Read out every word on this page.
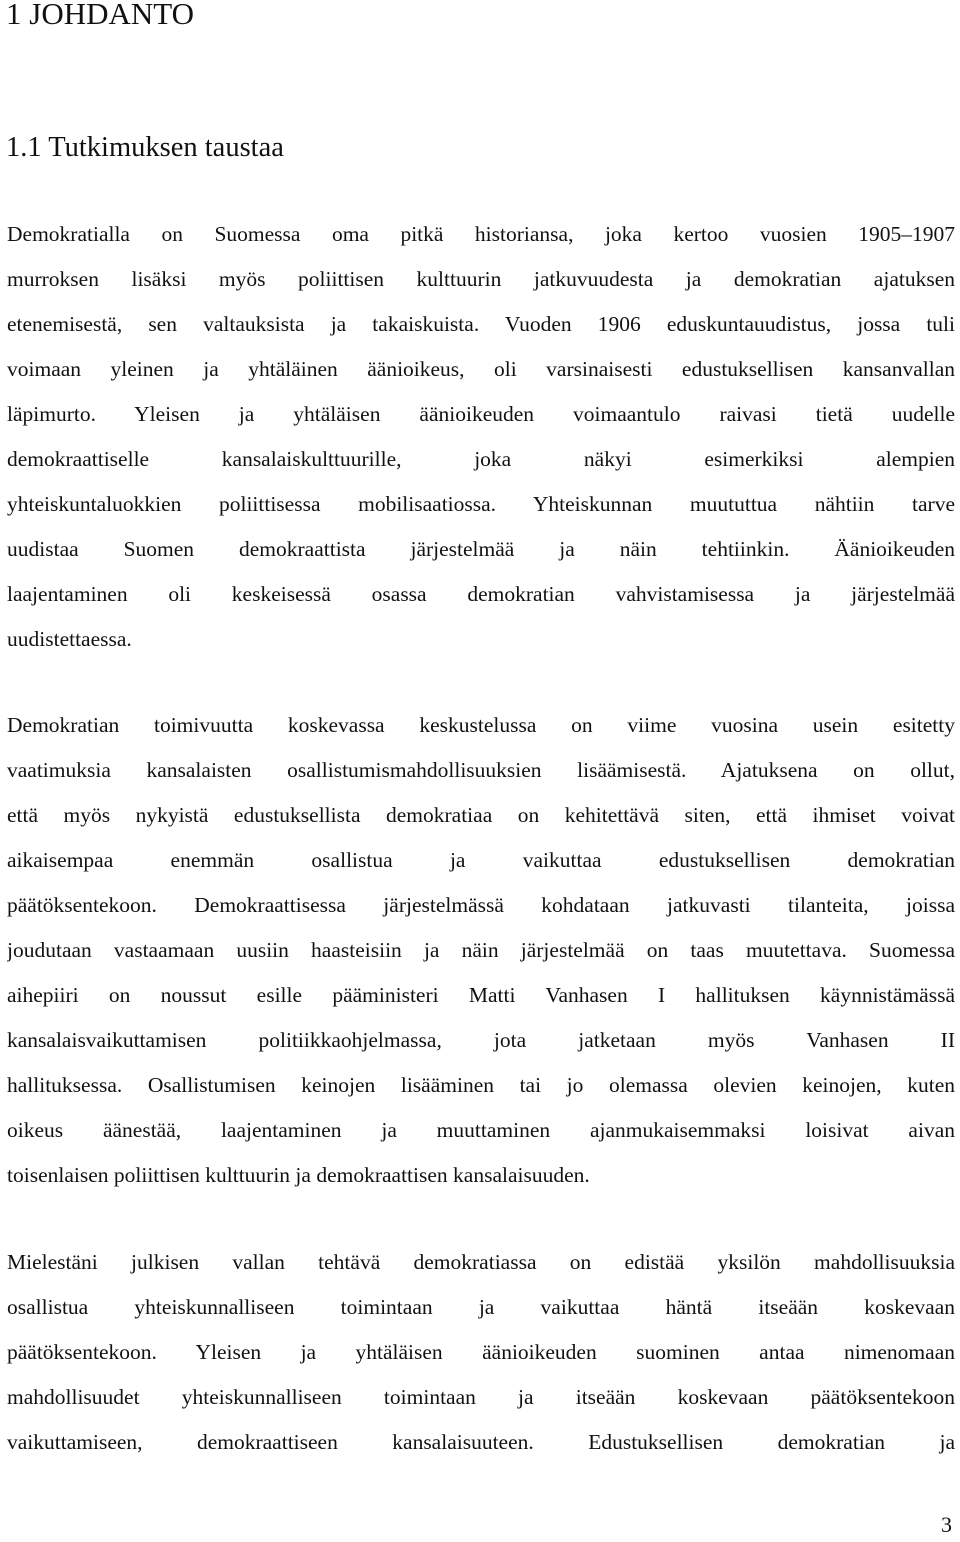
1 JOHDANTO
1.1 Tutkimuksen taustaa
Demokratialla on Suomessa oma pitkä historiansa, joka kertoo vuosien 1905–1907
murroksen lisäksi myös poliittisen kulttuurin jatkuvuudesta ja demokratian ajatuksen
etenemisestä, sen valtauksista ja takaiskuista. Vuoden 1906 eduskuntauudistus, jossa tuli
voimaan yleinen ja yhtäläinen äänioikeus, oli varsinaisesti edustuksellisen kansanvallan
läpimurto. Yleisen ja yhtäläisen äänioikeuden voimaantulo raivasi tietä uudelle
demokraattiselle kansalaiskulttuurille, joka näkyi esimerkiksi alempien
yhteiskuntaluokkien poliittisessa mobilisaatiossa. Yhteiskunnan muututtua nähtiin tarve
uudistaa Suomen demokraattista järjestelmää ja näin tehtiinkin. Äänioikeuden
laajentaminen oli keskeisessä osassa demokratian vahvistamisessa ja järjestelmää
uudistettaessa.
Demokratian toimivuutta koskevassa keskustelussa on viime vuosina usein esitetty
vaatimuksia kansalaisten osallistumismahdollisuuksien lisäämisestä. Ajatuksena on ollut,
että myös nykyistä edustuksellista demokratiaa on kehitettävä siten, että ihmiset voivat
aikaisempaa enemmän osallistua ja vaikuttaa edustuksellisen demokratian
päätöksentekoon. Demokraattisessa järjestelmässä kohdataan jatkuvasti tilanteita, joissa
joudutaan vastaamaan uusiin haasteisiin ja näin järjestelmää on taas muutettava. Suomessa
aihepiiri on noussut esille pääministeri Matti Vanhasen I hallituksen käynnistämässä
kansalaisvaikuttamisen politiikkaohjelmassa, jota jatketaan myös Vanhasen II
hallituksessa. Osallistumisen keinojen lisääminen tai jo olemassa olevien keinojen, kuten
oikeus äänestää, laajentaminen ja muuttaminen ajanmukaisemmaksi loisivat aivan
toisenlaisen poliittisen kulttuurin ja demokraattisen kansalaisuuden.
Mielestäni julkisen vallan tehtävä demokratiassa on edistää yksilön mahdollisuuksia
osallistua yhteiskunnalliseen toimintaan ja vaikuttaa häntä itseään koskevaan
päätöksentekoon. Yleisen ja yhtäläisen äänioikeuden suominen antaa nimenomaan
mahdollisuudet yhteiskunnalliseen toimintaan ja itseään koskevaan päätöksentekoon
vaikuttamiseen, demokraattiseen kansalaisuuteen. Edustuksellisen demokratian ja
3
